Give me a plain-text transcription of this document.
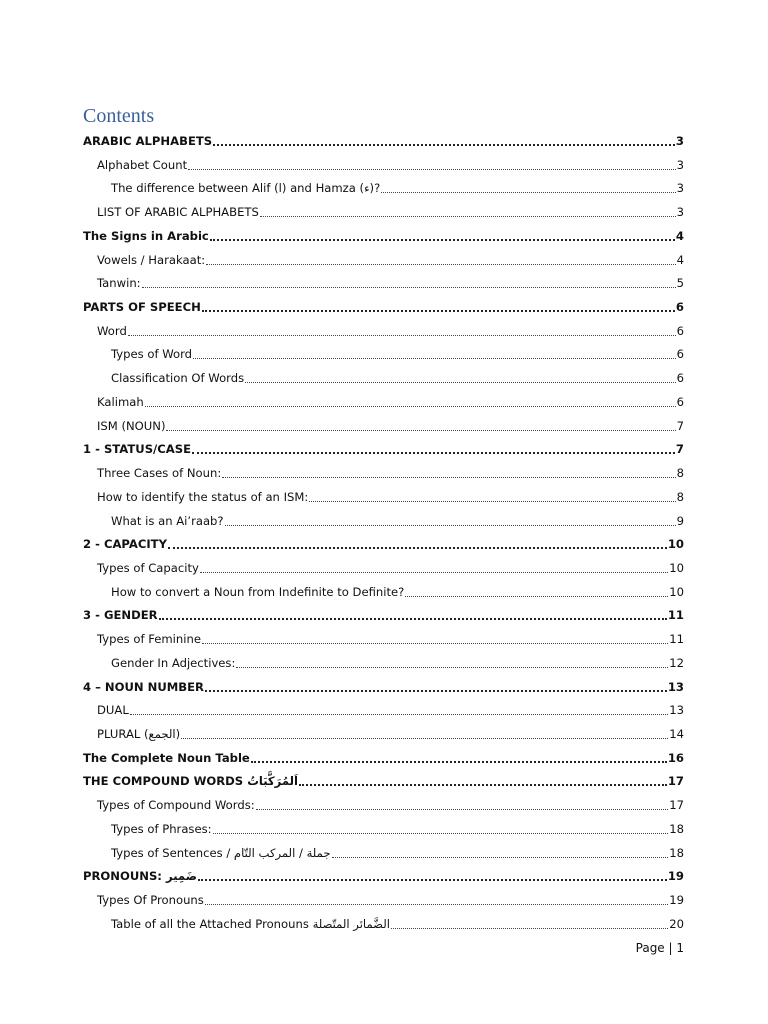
Contents
ARABIC ALPHABETS	3
Alphabet Count	3
The difference between Alif (ا) and Hamza (ء)?	3
LIST OF ARABIC ALPHABETS	3
The Signs in Arabic	4
Vowels / Harakaat:	4
Tanwin:	5
PARTS OF SPEECH	6
Word	6
Types of Word	6
Classification Of Words	6
Kalimah	6
ISM (NOUN)	7
1 - STATUS/CASE	7
Three Cases of Noun:	8
How to identify the status of an ISM:	8
What is an Ai’raab?	9
2 - CAPACITY	10
Types of Capacity	10
How to convert a Noun from Indefinite to Definite?	10
3 - GENDER	11
Types of Feminine	11
Gender In Adjectives:	12
4 – NOUN NUMBER	13
DUAL	13
PLURAL (الجمع)	14
The Complete Noun Table	16
THE COMPOUND WORDS اَلمُرَكَّبَاتُ	17
Types of Compound Words:	17
Types of Phrases:	18
Types of Sentences / جملة / المركب التّام	18
PRONOUNS: ضَمِير	19
Types Of Pronouns	19
Table of all the Attached Pronouns الضَّمائر المتّصلة	20
Page | 1
